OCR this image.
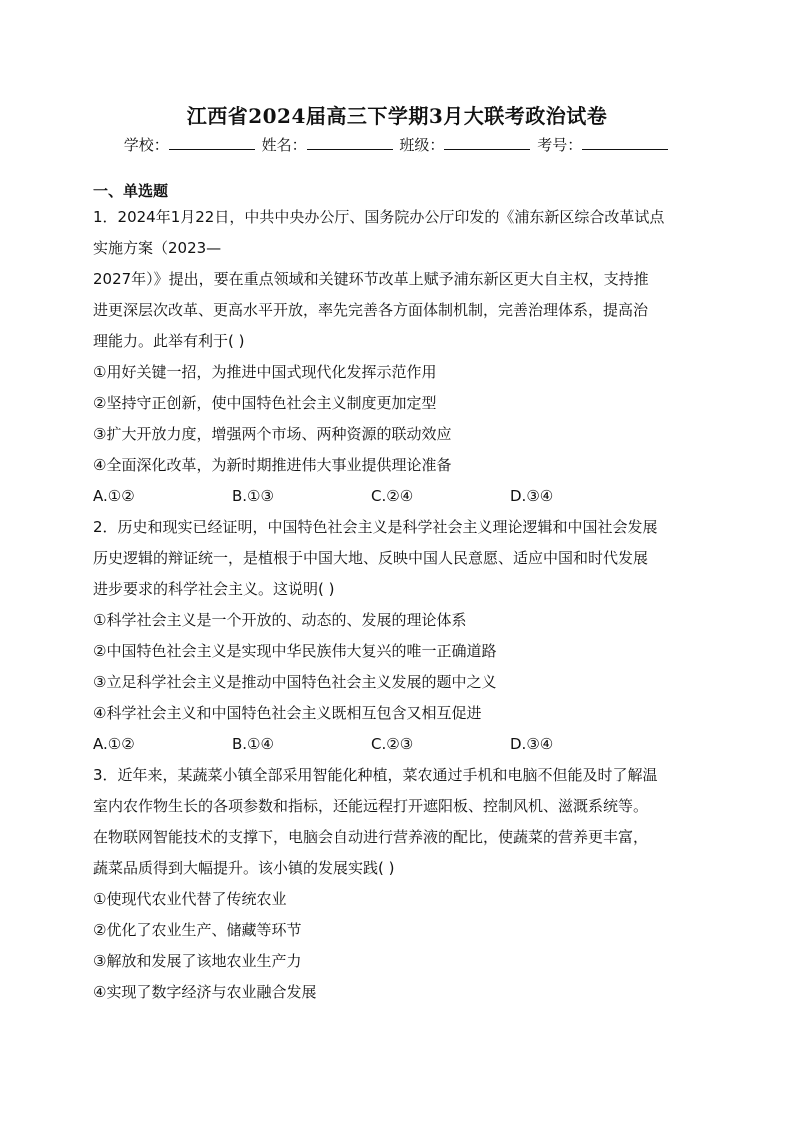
江西省2024届高三下学期3月大联考政治试卷
学校：	姓名：	班级：	考号：
一、单选题
1．2024年1月22日，中共中央办公厅、国务院办公厅印发的《浦东新区综合改革试点
实施方案（2023—
2027年）》提出，要在重点领域和关键环节改革上赋予浦东新区更大自主权，支持推
进更深层次改革、更高水平开放，率先完善各方面体制机制，完善治理体系，提高治
理能力。此举有利于( )
①用好关键一招，为推进中国式现代化发挥示范作用
②坚持守正创新，使中国特色社会主义制度更加定型
③扩大开放力度，增强两个市场、两种资源的联动效应
④全面深化改革，为新时期推进伟大事业提供理论准备
A.①②	B.①③	C.②④	D.③④
2．历史和现实已经证明，中国特色社会主义是科学社会主义理论逻辑和中国社会发展
历史逻辑的辩证统一，是植根于中国大地、反映中国人民意愿、适应中国和时代发展
进步要求的科学社会主义。这说明( )
①科学社会主义是一个开放的、动态的、发展的理论体系
②中国特色社会主义是实现中华民族伟大复兴的唯一正确道路
③立足科学社会主义是推动中国特色社会主义发展的题中之义
④科学社会主义和中国特色社会主义既相互包含又相互促进
A.①②	B.①④	C.②③	D.③④
3．近年来，某蔬菜小镇全部采用智能化种植，菜农通过手机和电脑不但能及时了解温
室内农作物生长的各项参数和指标，还能远程打开遮阳板、控制风机、滋溉系统等。
在物联网智能技术的支撑下，电脑会自动进行营养液的配比，使蔬菜的营养更丰富，
蔬菜品质得到大幅提升。该小镇的发展实践( )
①使现代农业代替了传统农业
②优化了农业生产、储藏等环节
③解放和发展了该地农业生产力
④实现了数字经济与农业融合发展
